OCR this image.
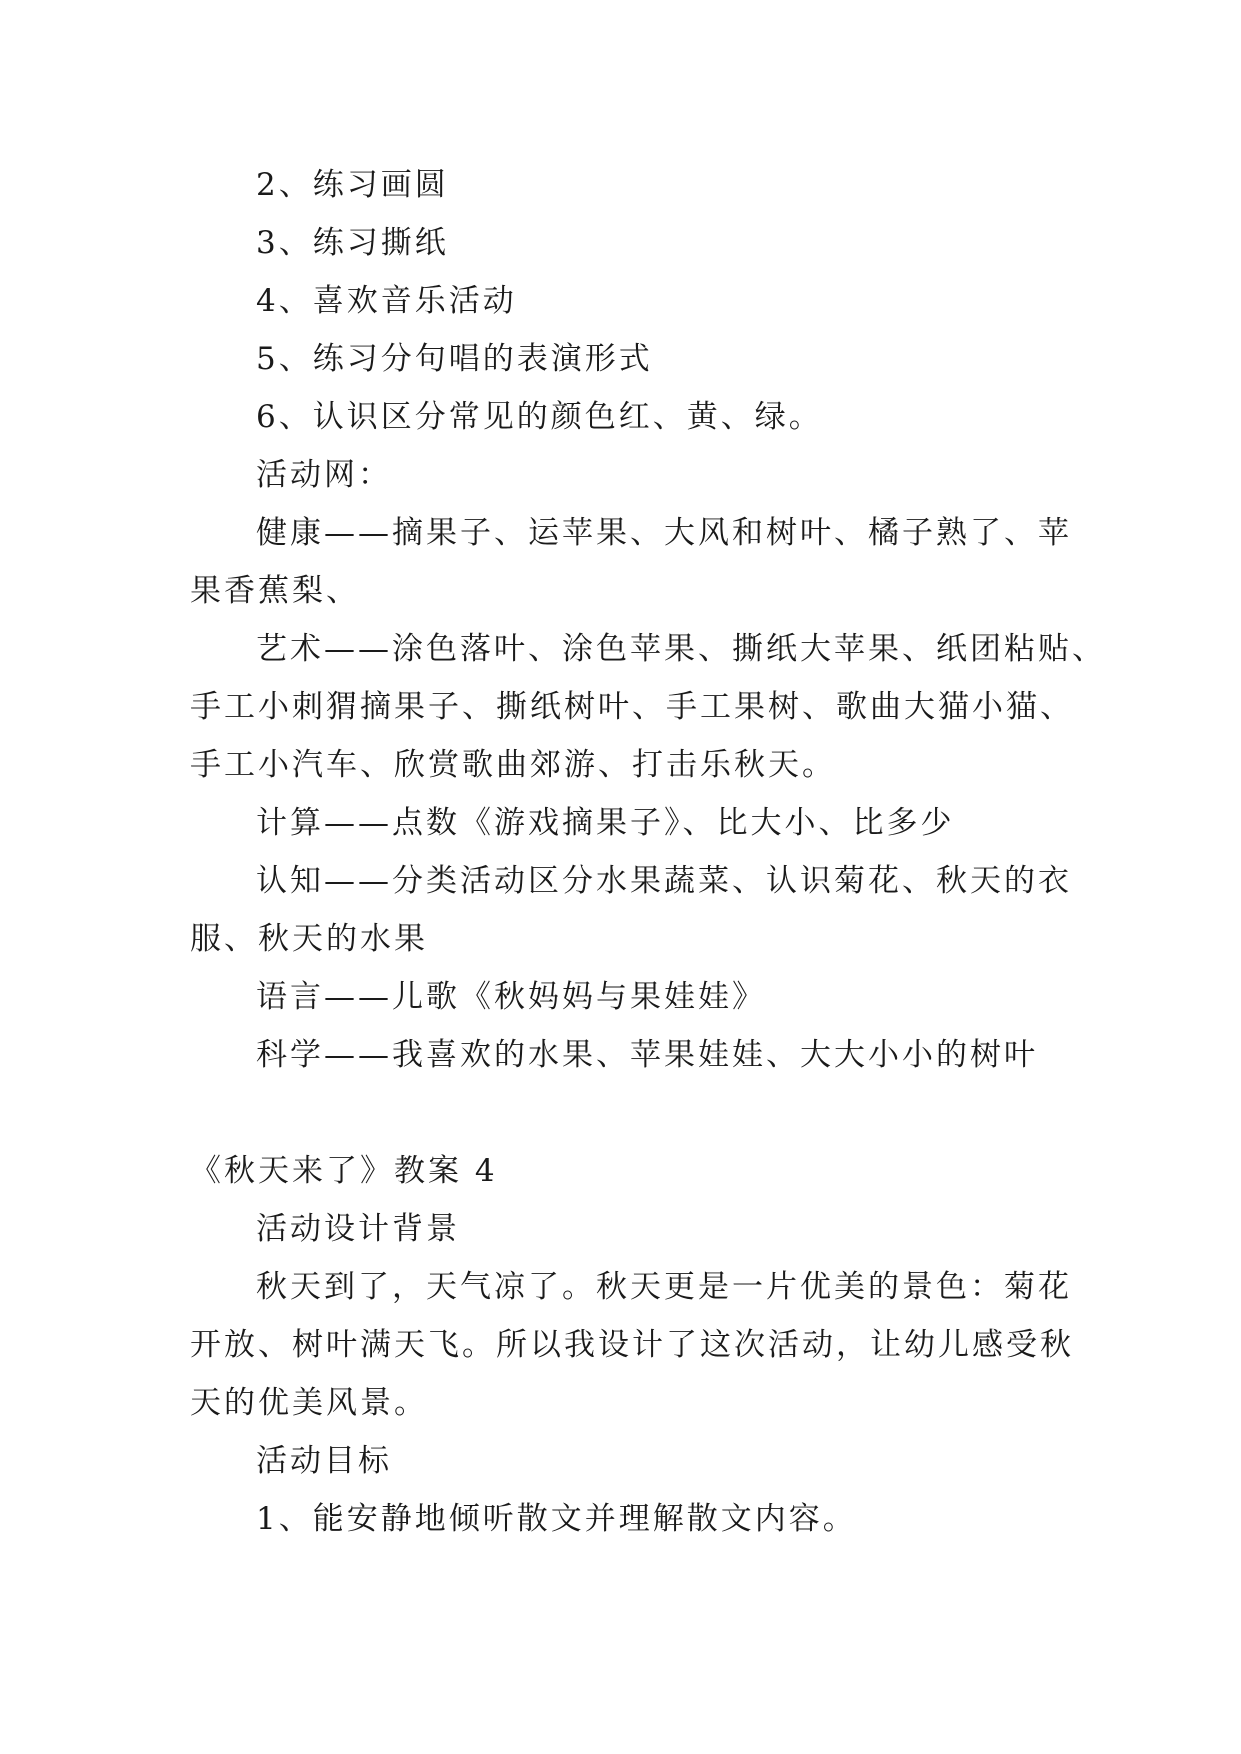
2、练习画圆
3、练习撕纸
4、喜欢音乐活动
5、练习分句唱的表演形式
6、认识区分常见的颜色红、黄、绿。
活动网：
健康——摘果子、运苹果、大风和树叶、橘子熟了、苹
果香蕉梨、
艺术——涂色落叶、涂色苹果、撕纸大苹果、纸团粘贴、
手工小刺猬摘果子、撕纸树叶、手工果树、歌曲大猫小猫、
手工小汽车、欣赏歌曲郊游、打击乐秋天。
计算——点数《游戏摘果子》、比大小、比多少
认知——分类活动区分水果蔬菜、认识菊花、秋天的衣
服、秋天的水果
语言——儿歌《秋妈妈与果娃娃》
科学——我喜欢的水果、苹果娃娃、大大小小的树叶
《秋天来了》教案 4
活动设计背景
秋天到了，天气凉了。秋天更是一片优美的景色：菊花
开放、树叶满天飞。所以我设计了这次活动，让幼儿感受秋
天的优美风景。
活动目标
1、能安静地倾听散文并理解散文内容。
